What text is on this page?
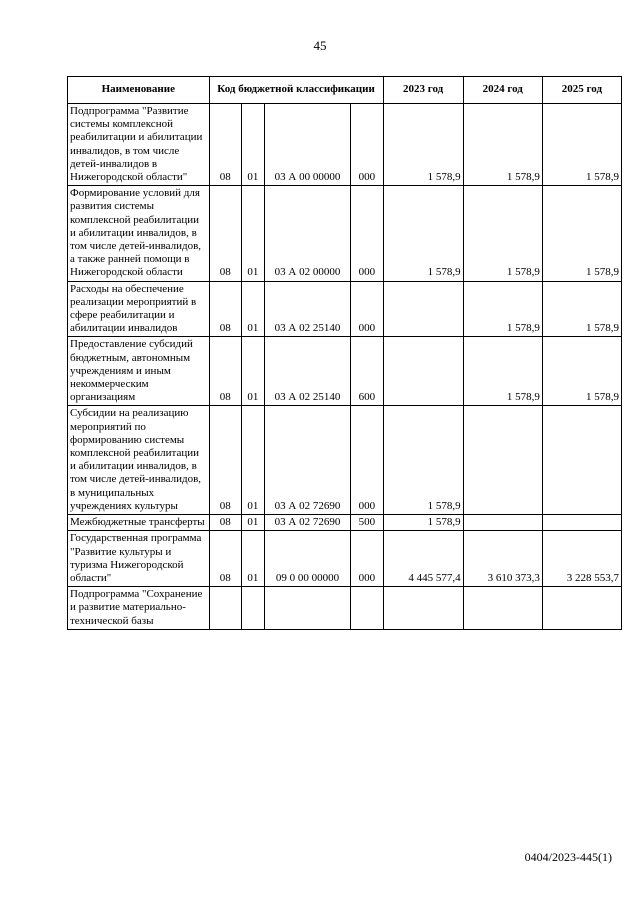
45
Наименование	Код бюджетной классификации				2023 год	2024 год	2025 год
Подпрограмма "Развитие системы комплексной реабилитации и абилитации инвалидов, в том числе детей-инвалидов в Нижегородской области"	08	01	03 А 00 00000	000	1 578,9	1 578,9	1 578,9
Формирование условий для развития системы комплексной реабилитации и абилитации инвалидов, в том числе детей-инвалидов, а также ранней помощи в Нижегородской области	08	01	03 А 02 00000	000	1 578,9	1 578,9	1 578,9
Расходы на обеспечение реализации мероприятий в сфере реабилитации и абилитации инвалидов	08	01	03 А 02 25140	000		1 578,9	1 578,9
Предоставление субсидий бюджетным, автономным учреждениям и иным некоммерческим организациям	08	01	03 А 02 25140	600		1 578,9	1 578,9
Субсидии на реализацию мероприятий по формированию системы комплексной реабилитации и абилитации инвалидов, в том числе детей-инвалидов, в муниципальных учреждениях культуры	08	01	03 А 02 72690	000	1 578,9		
Межбюджетные трансферты	08	01	03 А 02 72690	500	1 578,9		
Государственная программа "Развитие культуры и туризма Нижегородской области"	08	01	09 0 00 00000	000	4 445 577,4	3 610 373,3	3 228 553,7
Подпрограмма "Сохранение и развитие материально-технической базы							
0404/2023-445(1)
